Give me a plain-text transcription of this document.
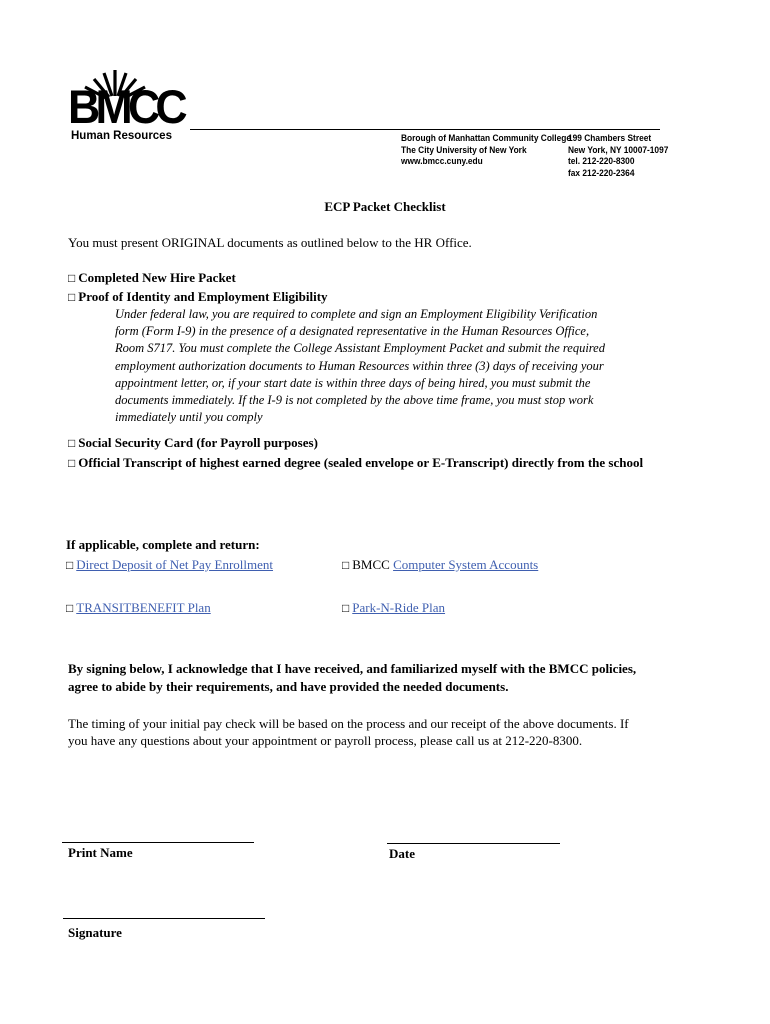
BMCC
Human Resources	Borough of Manhattan Community College
The City University of New York
www.bmcc.cuny.edu
199 Chambers Street
New York, NY 10007-1097
tel. 212-220-8300
fax 212-220-2364
ECP Packet Checklist
You must present ORIGINAL documents as outlined below to the HR Office.
□ Completed New Hire Packet
□ Proof of Identity and Employment Eligibility
Under federal law, you are required to complete and sign an Employment Eligibility Verification
form (Form I-9) in the presence of a designated representative in the Human Resources Office,
Room S717. You must complete the College Assistant Employment Packet and submit the required
employment authorization documents to Human Resources within three (3) days of receiving your
appointment letter, or, if your start date is within three days of being hired, you must submit the
documents immediately. If the I-9 is not completed by the above time frame, you must stop work
immediately until you comply
□ Social Security Card (for Payroll purposes)
□ Official Transcript of highest earned degree (sealed envelope or E-Transcript) directly from the school
If applicable, complete and return:
□ Direct Deposit of Net Pay Enrollment	□ BMCC Computer System Accounts
□ TRANSITBENEFIT Plan	□ Park-N-Ride Plan
By signing below, I acknowledge that I have received, and familiarized myself with the BMCC policies,
agree to abide by their requirements, and have provided the needed documents.
The timing of your initial pay check will be based on the process and our receipt of the above documents. If
you have any questions about your appointment or payroll process, please call us at 212-220-8300.
Print Name	Date
Signature
